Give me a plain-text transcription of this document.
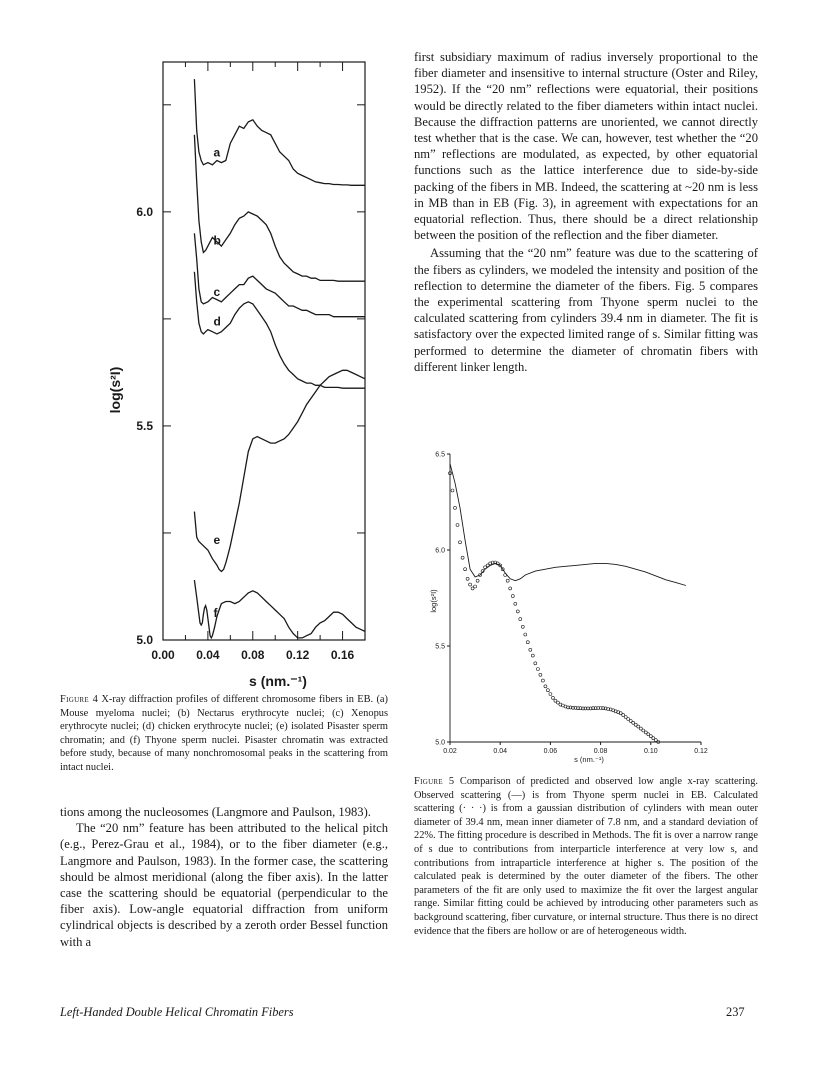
0.00 0.04 0.08 0.12 0.16
5.0
5.5
6.0
a
b
c
d
e
f
log(s²I)
s (nm.⁻¹)
Figure 4 X-ray diffraction profiles of different chromosome fibers in EB. (a) Mouse myeloma nuclei; (b) Nectarus erythrocyte nuclei; (c) Xenopus erythrocyte nuclei; (d) chicken erythrocyte nuclei; (e) isolated Pisaster sperm chromatin; and (f) Thyone sperm nuclei. Pisaster chromatin was extracted before study, because of many nonchromosomal peaks in the scattering from intact nuclei.

tions among the nucleosomes (Langmore and Paulson, 1983).

The “20 nm” feature has been attributed to the helical pitch (e.g., Perez-Grau et al., 1984), or to the fiber diameter (e.g., Langmore and Paulson, 1983). In the former case, the scattering should be almost meridional (along the fiber axis). In the latter case the scattering should be equatorial (perpendicular to the fiber axis). Low-angle equatorial diffraction from uniform cylindrical objects is described by a zeroth order Bessel function with a

first subsidiary maximum of radius inversely proportional to the fiber diameter and insensitive to internal structure (Oster and Riley, 1952). If the “20 nm” reflections were equatorial, their positions would be directly related to the fiber diameters within intact nuclei. Because the diffraction patterns are unoriented, we cannot directly test whether that is the case. We can, however, test whether the “20 nm” reflections are modulated, as expected, by other equatorial functions such as the lattice interference due to side-by-side packing of the fibers in MB. Indeed, the scattering at ~20 nm is less in MB than in EB (Fig. 3), in agreement with expectations for an equatorial reflection. Thus, there should be a direct relationship between the position of the reflection and the fiber diameter.

Assuming that the “20 nm” feature was due to the scattering of the fibers as cylinders, we modeled the intensity and position of the reflection to determine the diameter of the fibers. Fig. 5 compares the experimental scattering from Thyone sperm nuclei to the calculated scattering from cylinders 39.4 nm in diameter. The fit is satisfactory over the expected limited range of s. Similar fitting was performed to determine the diameter of chromatin fibers with different linker length.

0.02	0.04	0.06	0.08	0.10	0.12
5.0
5.5
6.0
6.5
log(s²I)
s (nm.⁻¹)
Figure 5 Comparison of predicted and observed low angle x-ray scattering. Observed scattering (—) is from Thyone sperm nuclei in EB. Calculated scattering (· · ·) is from a gaussian distribution of cylinders with mean outer diameter of 39.4 nm, mean inner diameter of 7.8 nm, and a standard deviation of 22%. The fitting procedure is described in Methods. The fit is over a narrow range of s due to contributions from interparticle interference at very low s, and contributions from intraparticle interference at higher s. The position of the calculated peak is determined by the outer diameter of the fibers. The other parameters of the fit are only used to maximize the fit over the largest angular range. Similar fitting could be achieved by introducing other parameters such as background scattering, fiber curvature, or internal structure. Thus there is no direct evidence that the fibers are hollow or are of heterogeneous width.
Left-Handed Double Helical Chromatin Fibers	237
